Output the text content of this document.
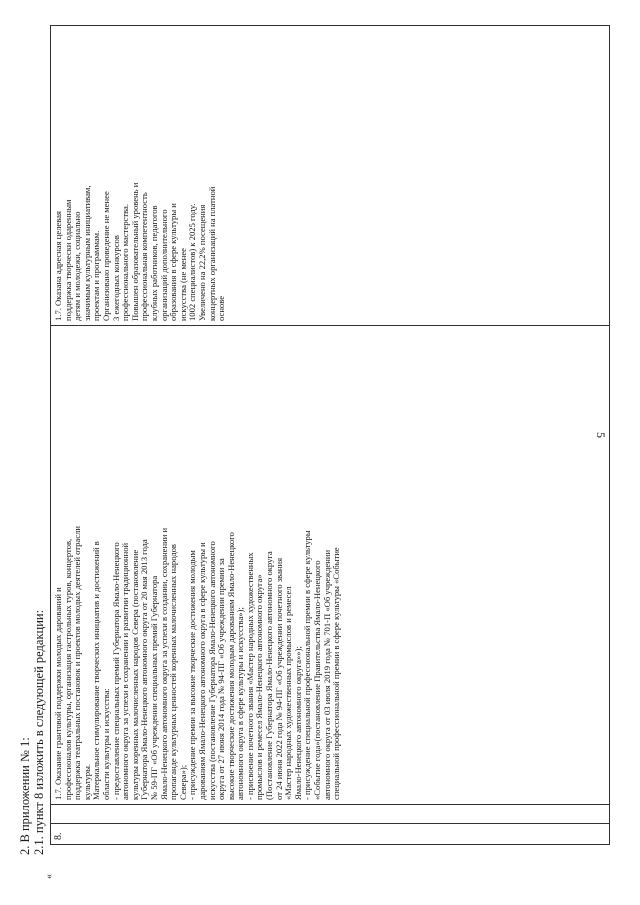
5
2. В приложении № 1: 2.1. пункт 8 изложить в следующей редакции:
«
8.		
1.7. Оказание грантовой поддержки молодых дарований и профессионалов культуры, организация гастрольных туров, концертов, поддержка театральных постановок и проектов молодых деятелей отрасли культуры. Материальное стимулирование творческих инициатив и достижений в области культуры и искусства: - предоставление специальных премий Губернатора Ямало-Ненецкого автономного округа за успехи в сохранении и развитии традиционной культуры коренных малочисленных народов Севера (постановление Губернатора Ямало-Ненецкого автономного округа от 20 мая 2013 года № 59-ПГ «Об учреждении специальных премий Губернатора Ямало-Ненецкого автономного округа за успехи в создании, сохранении и пропаганде культурных ценностей коренных малочисленных народов Севера»); - присуждение премии за высокие творческие достижения молодым дарованиям Ямало-Ненецкого автономного округа в сфере культуры и искусства (постановление Губернатора Ямало-Ненецкого автономного округа от 27 июня 2014 года № 94-ПГ «Об учреждении премии за высокие творческие достижения молодым дарованиям Ямало-Ненецкого автономного округа в сфере культуры и искусства»); - присвоение почетного звания «Мастер народных художественных промыслов и ремесел Ямало-Ненецкого автономного округа» (Постановление Губернатора Ямало-Ненецкого автономного округа от 24 июня 2022 года № 94-ПГ «Об учреждении почетного звания «Мастер народных художественных промыслов и ремесел Ямало-Ненецкого автономного округа»»); - присуждение специальной профессиональной премии в сфере культуры «Событие года»(постановление Правительства Ямало-Ненецкого автономного округа от 03 июля 2019 года № 701-П «Об учреждении специальной профессиональной премии в сфере культуры «Событие

1.7. Оказана адресная целевая поддержка творчески одаренным детям и молодежи, социально значимым культурным инициативам, проектам и программам. Организовано проведение не менее 3 ежегодных конкурсов профессионального мастерства. Повышен образовательный уровень и профессиональная компетентность клубных работников, педагогов организаций дополнительного образования в сфере культуры и искусства (не менее 1002 специалистов) к 2025 году. Увеличено на 22,2% посещения концертных организаций на платной основе
